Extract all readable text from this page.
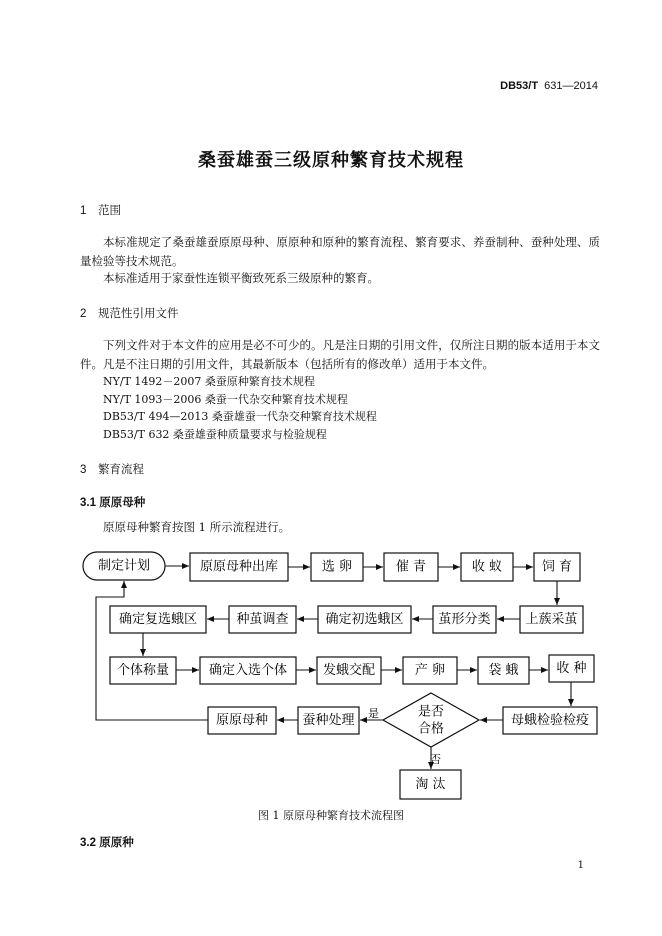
DB53/T 631—2014
桑蚕雄蚕三级原种繁育技术规程
1 范围
本标准规定了桑蚕雄蚕原原母种、原原种和原种的繁育流程、繁育要求、养蚕制种、蚕种处理、质量检验等技术规范。
本标准适用于家蚕性连锁平衡致死系三级原种的繁育。
2 规范性引用文件
下列文件对于本文件的应用是必不可少的。凡是注日期的引用文件，仅所注日期的版本适用于本文件。凡是不注日期的引用文件，其最新版本（包括所有的修改单）适用于本文件。
NY/T 1492－2007 桑蚕原种繁育技术规程
NY/T 1093－2006 桑蚕一代杂交种繁育技术规程
DB53/T 494—2013 桑蚕雄蚕一代杂交种繁育技术规程
DB53/T 632 桑蚕雄蚕种质量要求与检验规程
3 繁育流程
3.1 原原母种
原原母种繁育按图 1 所示流程进行。
制定计划	原原母种出库	选 卵	催 青	收 蚁	饲 育
确定复选蛾区	种茧调查	确定初选蛾区	茧形分类	上蔟采茧
个体称量	确定入选个体	发蛾交配	产 卵	袋 蛾	收 种
原原母种	蚕种处理
是否
合格
母蛾检验检疫
淘 汰
是
否
图 1 原原母种繁育技术流程图
3.2 原原种
1
